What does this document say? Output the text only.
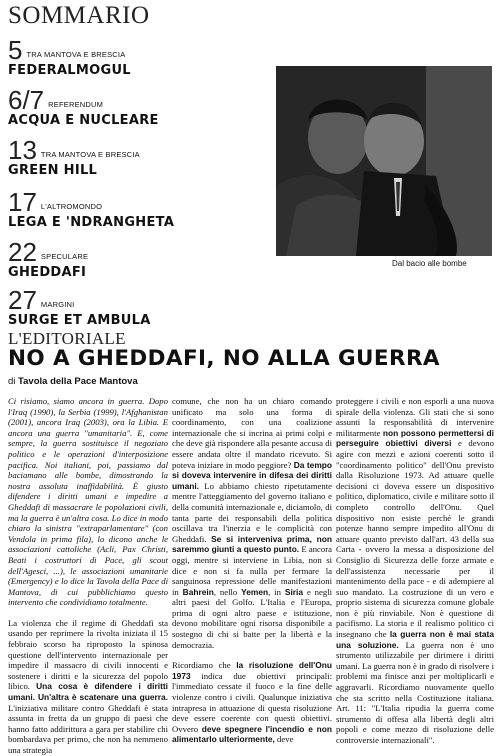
SOMMARIO
5 TRA MANTOVA E BRESCIA
FEDERALMOGUL
6/7 REFERENDUM
ACQUA E NUCLEARE
13 TRA MANTOVA E BRESCIA
GREEN HILL
17 L'ALTROMONDO
LEGA E 'NDRANGHETA
22 SPECULARE
GHEDDAFI
27 MARGINI
SURGE ET AMBULA
Dal bacio alle bombe
L'EDITORIALE
NO A GHEDDAFI, NO ALLA GUERRA
di Tavola della Pace Mantova

Ci risiamo, siamo ancora in guerra. Dopo l'Iraq (1990), la Serbia (1999), l'Afghanistan (2001), ancora Iraq (2003), ora la Libia. E ancora una guerra "umanitaria". E, come sempre, la guerra sostituisce il negoziato politico e le operazioni d'interposizione pacifica. Noi italiani, poi, passiamo dal baciamano alle bombe, dimostrando la nostra assoluta inaffidabilità. È giusto difendere i diritti umani e impedire a Gheddafi di massacrare le popolazioni civili, ma la guerra è un'altra cosa. Lo dice in modo chiaro la sinistra "extraparlamentare" (con Vendola in prima fila), lo dicono anche le associazioni cattoliche (Acli, Pax Christi, Beati i costruttori di Pace, gli scout dell'Agesci, ...), le associazioni umanitarie (Emergency) e lo dice la Tavola della Pace di Mantova, di cui pubblichiamo questo intervento che condividiamo totalmente.

La violenza che il regime di Gheddafi sta usando per reprimere la rivolta iniziata il 15 febbraio scorso ha riproposto la spinosa questione dell'intervento internazionale per impedire il massacro di civili innocenti e sostenere i diritti e la sicurezza del popolo libico. Una cosa è difendere i diritti umani. Un'altra è scatenare una guerra. L'iniziativa militare contro Gheddafi è stata assunta in fretta da un gruppo di paesi che hanno fatto addirittura a gara per stabilire chi bombardava per primo, che non ha nemmeno una strategia

comune, che non ha un chiaro comando unificato ma solo una forma di coordinamento, con una coalizione internazionale che si incrina ai primi colpi e che deve già rispondere alla pesante accusa di essere andata oltre il mandato ricevuto. Si poteva iniziare in modo peggiore? Da tempo si doveva intervenire in difesa dei diritti umani. Lo abbiamo chiesto ripetutamente mentre l'atteggiamento del governo italiano e della comunità internazionale e, diciamolo, di tanta parte dei responsabili della politica oscillava tra l'inerzia e le complicità con Gheddafi. Se si interveniva prima, non saremmo giunti a questo punto. E ancora oggi, mentre si interviene in Libia, non si dice e non si fa nulla per fermare la sanguinosa repressione delle manifestazioni in Bahrein, nello Yemen, in Siria e negli altri paesi del Golfo. L'Italia e l'Europa, prima di ogni altro paese e istituzione, devono mobilitare ogni risorsa disponibile a sostegno di chi si batte per la libertà e la democrazia.

Ricordiamo che la risoluzione dell'Onu 1973 indica due obiettivi principali: l'immediato cessate il fuoco e la fine delle violenze contro i civili. Qualunque iniziativa intrapresa in attuazione di questa risoluzione deve essere coerente con questi obiettivi. Ovvero deve spegnere l'incendio e non alimentarlo ulteriormente, deve

proteggere i civili e non esporli a una nuova spirale della violenza. Gli stati che si sono assunti la responsabilità di intervenire militarmente non possono permettersi di perseguire obiettivi diversi e devono agire con mezzi e azioni coerenti sotto il "coordinamento politico" dell'Onu previsto dalla Risoluzione 1973. Ad attuare quelle decisioni ci doveva essere un dispositivo politico, diplomatico, civile e militare sotto il completo controllo dell'Onu. Quel dispositivo non esiste perché le grandi potenze hanno sempre impedito all'Onu di attuare quanto previsto dall'art. 43 della sua Carta - ovvero la messa a disposizione del Consiglio di Sicurezza delle forze armate e dell'assistenza necessarie per il mantenimento della pace - e di adempiere al suo mandato. La costruzione di un vero e proprio sistema di sicurezza comune globale non è più rinviabile. Non è questione di pacifismo. La storia e il realismo politico ci insegnano che la guerra non è mai stata una soluzione. La guerra non è uno strumento utilizzabile per dirimere i diritti umani. La guerra non è in grado di risolvere i problemi ma finisce anzi per moltiplicarli e aggravarli. Ricordiamo nuovamente quello che sta scritto nella Costituzione italiana. Art. 11: "L'Italia ripudia la guerra come strumento di offesa alla libertà degli altri popoli e come mezzo di risoluzione delle controversie internazionali".
